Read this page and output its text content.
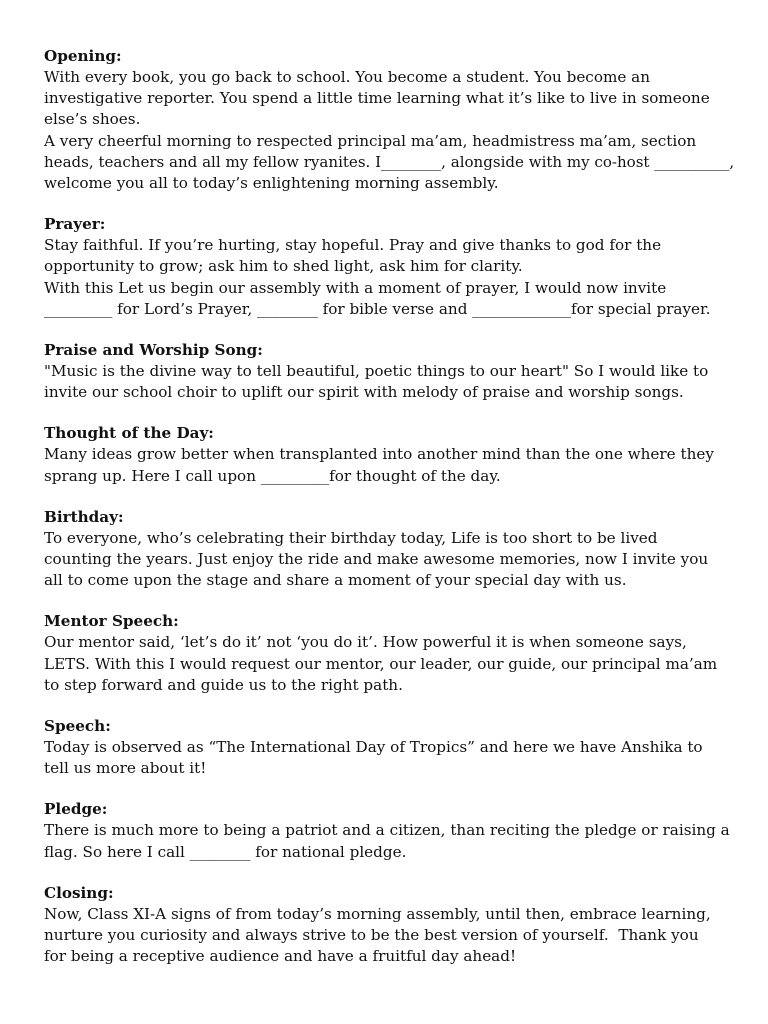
Opening:

With every book, you go back to school. You become a student. You become an

investigative reporter. You spend a little time learning what it’s like to live in someone

else’s shoes.

A very cheerful morning to respected principal ma’am, headmistress ma’am, section

heads, teachers and all my fellow ryanites. I________, alongside with my co-host __________,

welcome you all to today’s enlightening morning assembly.

Prayer:

Stay faithful. If you’re hurting, stay hopeful. Pray and give thanks to god for the

opportunity to grow; ask him to shed light, ask him for clarity.

With this Let us begin our assembly with a moment of prayer, I would now invite

_________ for Lord’s Prayer, ________ for bible verse and _____________for special prayer.

Praise and Worship Song:

"Music is the divine way to tell beautiful, poetic things to our heart" So I would like to

invite our school choir to uplift our spirit with melody of praise and worship songs.

Thought of the Day:

Many ideas grow better when transplanted into another mind than the one where they

sprang up. Here I call upon _________for thought of the day.

Birthday:

To everyone, who’s celebrating their birthday today, Life is too short to be lived

counting the years. Just enjoy the ride and make awesome memories, now I invite you

all to come upon the stage and share a moment of your special day with us.

Mentor Speech:

Our mentor said, ‘let’s do it’ not ‘you do it’. How powerful it is when someone says,

LETS. With this I would request our mentor, our leader, our guide, our principal ma’am

to step forward and guide us to the right path.

Speech:

Today is observed as “The International Day of Tropics” and here we have Anshika to

tell us more about it!

Pledge:

There is much more to being a patriot and a citizen, than reciting the pledge or raising a

flag. So here I call ________ for national pledge.

Closing:

Now, Class XI-A signs of from today’s morning assembly, until then, embrace learning,

nurture you curiosity and always strive to be the best version of yourself.  Thank you

for being a receptive audience and have a fruitful day ahead!
